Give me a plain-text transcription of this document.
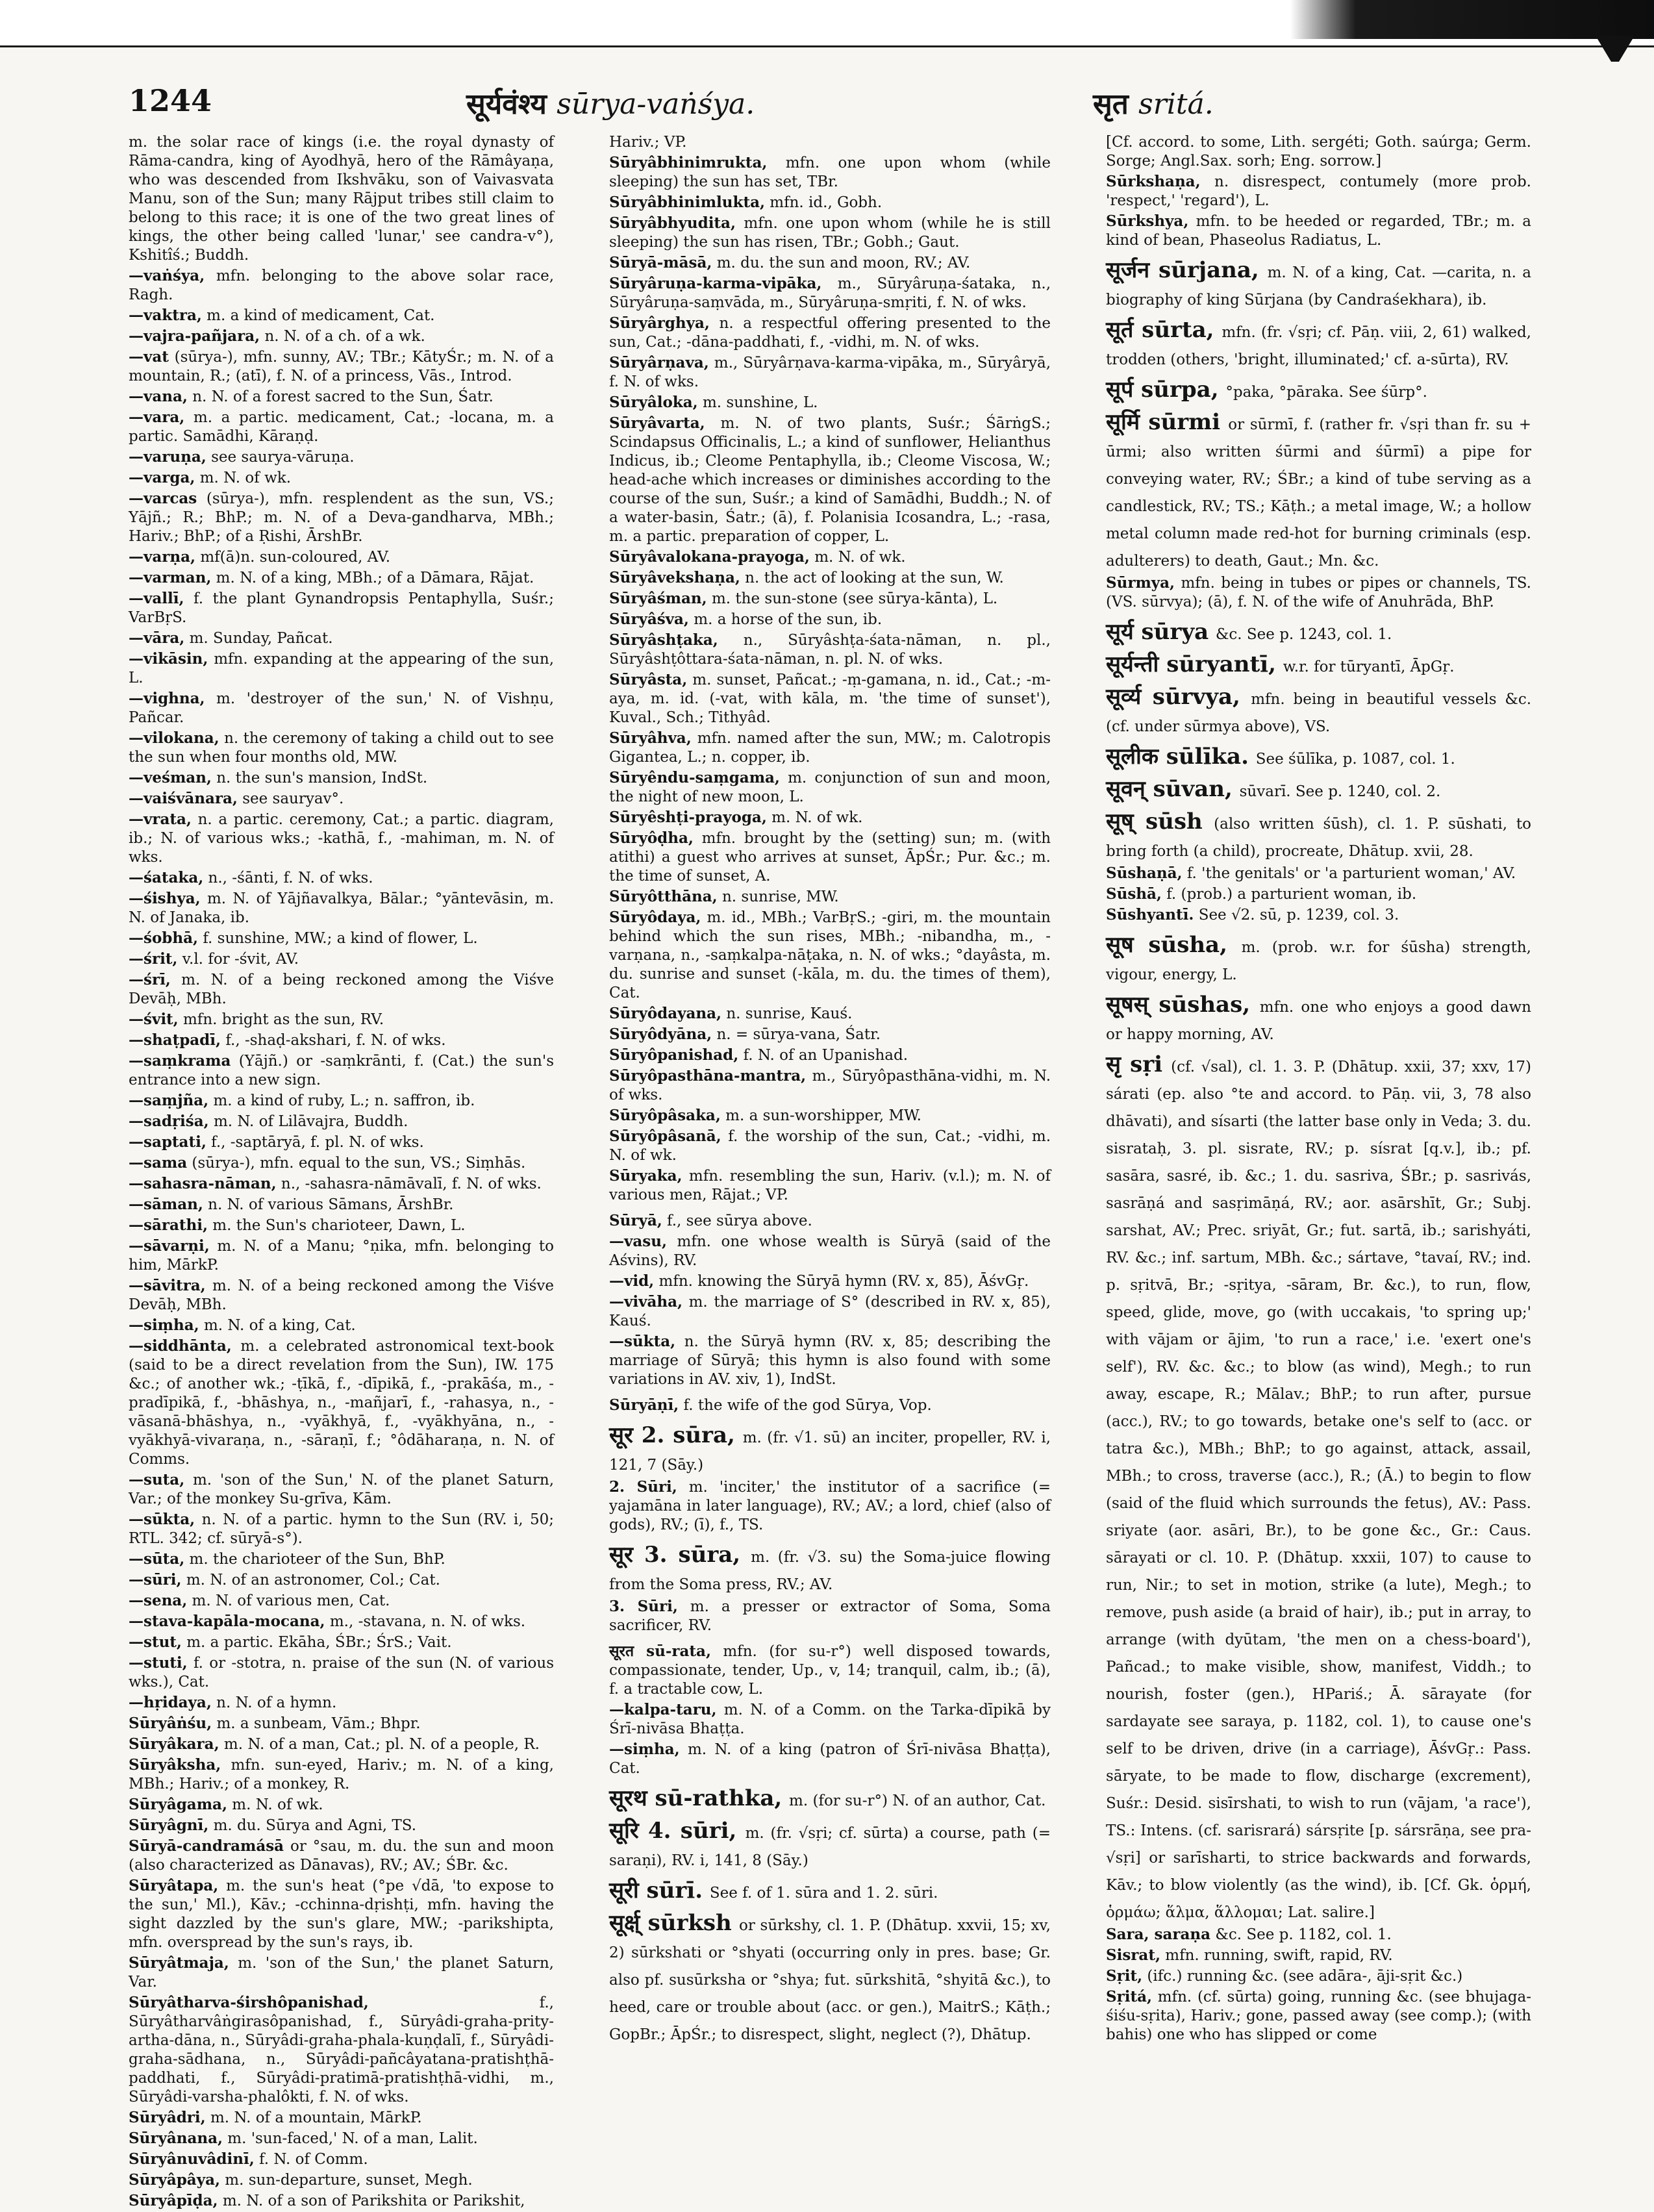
1244	सूर्यवंश्य sūrya-vaṅśya.	सृत sritá.

m. the solar race of kings (i.e. the royal dynasty of Rāma-candra, king of Ayodhyā, hero of the Rāmâyaṇa, who was descended from Ikshvāku, son of Vaivasvata Manu, son of the Sun; many Rājput tribes still claim to belong to this race; it is one of the two great lines of kings, the other being called 'lunar,' see candra-v°), Kshitîś.; Buddh.

—vaṅśya, mfn. belonging to the above solar race, Ragh.

—vaktra, m. a kind of medicament, Cat.

—vajra-pañjara, n. N. of a ch. of a wk.

—vat (sūrya-), mfn. sunny, AV.; TBr.; KātyŚr.; m. N. of a mountain, R.; (atī), f. N. of a princess, Vās., Introd.

—vana, n. N. of a forest sacred to the Sun, Śatr.

—vara, m. a partic. medicament, Cat.; -locana, m. a partic. Samādhi, Kāraṇḍ.

—varuṇa, see saurya-vāruṇa.

—varga, m. N. of wk.

—varcas (sūrya-), mfn. resplendent as the sun, VS.; Yājñ.; R.; BhP.; m. N. of a Deva-gandharva, MBh.; Hariv.; BhP.; of a Ṛishi, ĀrshBr.

—varṇa, mf(ā)n. sun-coloured, AV.

—varman, m. N. of a king, MBh.; of a Dāmara, Rājat.

—vallī, f. the plant Gynandropsis Pentaphylla, Suśr.; VarBṛS.

—vāra, m. Sunday, Pañcat.

—vikāsin, mfn. expanding at the appearing of the sun, L.

—vighna, m. 'destroyer of the sun,' N. of Vishṇu, Pañcar.

—vilokana, n. the ceremony of taking a child out to see the sun when four months old, MW.

—veśman, n. the sun's mansion, IndSt.

—vaiśvānara, see sauryav°.

—vrata, n. a partic. ceremony, Cat.; a partic. diagram, ib.; N. of various wks.; -kathā, f., -mahiman, m. N. of wks.

—śataka, n., -śānti, f. N. of wks.

—śishya, m. N. of Yājñavalkya, Bālar.; °yāntevāsin, m. N. of Janaka, ib.

—śobhā, f. sunshine, MW.; a kind of flower, L.

—śrit, v.l. for -śvit, AV.

—śrī, m. N. of a being reckoned among the Viśve Devāḥ, MBh.

—śvit, mfn. bright as the sun, RV.

—shaṭpadī, f., -shaḍ-akshari, f. N. of wks.

—saṃkrama (Yājñ.) or -saṃkrānti, f. (Cat.) the sun's entrance into a new sign.

—saṃjña, m. a kind of ruby, L.; n. saffron, ib.

—sadṛiśa, m. N. of Lilāvajra, Buddh.

—saptati, f., -saptāryā, f. pl. N. of wks.

—sama (sūrya-), mfn. equal to the sun, VS.; Siṃhās.

—sahasra-nāman, n., -sahasra-nāmāvalī, f. N. of wks.

—sāman, n. N. of various Sāmans, ĀrshBr.

—sārathi, m. the Sun's charioteer, Dawn, L.

—sāvarṇi, m. N. of a Manu; °ṇika, mfn. belonging to him, MārkP.

—sāvitra, m. N. of a being reckoned among the Viśve Devāḥ, MBh.

—siṃha, m. N. of a king, Cat.

—siddhānta, m. a celebrated astronomical text-book (said to be a direct revelation from the Sun), IW. 175 &c.; of another wk.; -ṭīkā, f., -dīpikā, f., -prakāśa, m., -pradīpikā, f., -bhāshya, n., -mañjarī, f., -rahasya, n., -vāsanā-bhāshya, n., -vyākhyā, f., -vyākhyāna, n., -vyākhyā-vivaraṇa, n., -sāraṇī, f.; °ôdāharaṇa, n. N. of Comms.

—suta, m. 'son of the Sun,' N. of the planet Saturn, Var.; of the monkey Su-grīva, Kām.

—sūkta, n. N. of a partic. hymn to the Sun (RV. i, 50; RTL. 342; cf. sūryā-s°).

—sūta, m. the charioteer of the Sun, BhP.

—sūri, m. N. of an astronomer, Col.; Cat.

—sena, m. N. of various men, Cat.

—stava-kapāla-mocana, m., -stavana, n. N. of wks.

—stut, m. a partic. Ekāha, ŚBr.; ŚrS.; Vait.

—stuti, f. or -stotra, n. praise of the sun (N. of various wks.), Cat.

—hṛidaya, n. N. of a hymn.

Sūryâṅśu, m. a sunbeam, Vām.; Bhpr.

Sūryâkara, m. N. of a man, Cat.; pl. N. of a people, R.

Sūryâksha, mfn. sun-eyed, Hariv.; m. N. of a king, MBh.; Hariv.; of a monkey, R.

Sūryâgama, m. N. of wk.

Sūryâgnī, m. du. Sūrya and Agni, TS.

Sūryā-candramásā or °sau, m. du. the sun and moon (also characterized as Dānavas), RV.; AV.; ŚBr. &c.

Sūryâtapa, m. the sun's heat (°pe √dā, 'to expose to the sun,' Ml.), Kāv.; -cchinna-dṛishṭi, mfn. having the sight dazzled by the sun's glare, MW.; -parikshipta, mfn. overspread by the sun's rays, ib.

Sūryâtmaja, m. 'son of the Sun,' the planet Saturn, Var.

Sūryâtharva-śirshôpanishad,	f., Sūryâtharvâṅgirasôpanishad, f., Sūryâdi-graha-prity-artha-dāna, n., Sūryâdi-graha-phala-kuṇḍalī, f., Sūryâdi-graha-sādhana, n., Sūryâdi-pañcâyatana-pratishṭhā-paddhati, f., Sūryâdi-pratimā-pratishṭhā-vidhi, m., Sūryâdi-varsha-phalôkti, f. N. of wks.

Sūryâdri, m. N. of a mountain, MārkP.

Sūryânana, m. 'sun-faced,' N. of a man, Lalit.

Sūryânuvâdinī, f. N. of Comm.

Sūryâpâya, m. sun-departure, sunset, Megh.

Sūryâpīḍa, m. N. of a son of Parikshita or Parikshit,

Hariv.; VP.

Sūryâbhinimrukta, mfn. one upon whom (while sleeping) the sun has set, TBr.

Sūryâbhinimlukta, mfn. id., Gobh.

Sūryâbhyudita, mfn. one upon whom (while he is still sleeping) the sun has risen, TBr.; Gobh.; Gaut.

Sūryā-māsā, m. du. the sun and moon, RV.; AV.

Sūryâruṇa-karma-vipāka, m., Sūryâruṇa-śataka, n., Sūryâruṇa-saṃvāda, m., Sūryâruṇa-smṛiti, f. N. of wks.

Sūryârghya, n. a respectful offering presented to the sun, Cat.; -dāna-paddhati, f., -vidhi, m. N. of wks.

Sūryârṇava, m., Sūryârṇava-karma-vipāka, m., Sūryâryā, f. N. of wks.

Sūryâloka, m. sunshine, L.

Sūryâvarta, m. N. of two plants, Suśr.; ŚārṅgS.; Scindapsus Officinalis, L.; a kind of sunflower, Helianthus Indicus, ib.; Cleome Pentaphylla, ib.; Cleome Viscosa, W.; head-ache which increases or diminishes according to the course of the sun, Suśr.; a kind of Samādhi, Buddh.; N. of a water-basin, Śatr.; (ā), f. Polanisia Icosandra, L.; -rasa, m. a partic. preparation of copper, L.

Sūryâvalokana-prayoga, m. N. of wk.

Sūryâvekshaṇa, n. the act of looking at the sun, W.

Sūryâśman, m. the sun-stone (see sūrya-kānta), L.

Sūryâśva, m. a horse of the sun, ib.

Sūryâshṭaka, n., Sūryâshṭa-śata-nāman, n. pl., Sūryâshṭôttara-śata-nāman, n. pl. N. of wks.

Sūryâsta, m. sunset, Pañcat.; -ṃ-gamana, n. id., Cat.; -m-aya, m. id. (-vat, with kāla, m. 'the time of sunset'), Kuval., Sch.; Tithyâd.

Sūryâhva, mfn. named after the sun, MW.; m. Calotropis Gigantea, L.; n. copper, ib.

Sūryêndu-saṃgama, m. conjunction of sun and moon, the night of new moon, L.

Sūryêshṭi-prayoga, m. N. of wk.

Sūryôḍha, mfn. brought by the (setting) sun; m. (with atithi) a guest who arrives at sunset, ĀpŚr.; Pur. &c.; m. the time of sunset, A.

Sūryôtthāna, n. sunrise, MW.

Sūryôdaya, m. id., MBh.; VarBṛS.; -giri, m. the mountain behind which the sun rises, MBh.; -nibandha, m., -varṇana, n., -saṃkalpa-nāṭaka, n. N. of wks.; °dayâsta, m. du. sunrise and sunset (-kāla, m. du. the times of them), Cat.

Sūryôdayana, n. sunrise, Kauś.

Sūryôdyāna, n. = sūrya-vana, Śatr.

Sūryôpanishad, f. N. of an Upanishad.

Sūryôpasthāna-mantra, m., Sūryôpasthāna-vidhi, m. N. of wks.

Sūryôpâsaka, m. a sun-worshipper, MW.

Sūryôpâsanā, f. the worship of the sun, Cat.; -vidhi, m. N. of wk.

Sūryaka, mfn. resembling the sun, Hariv. (v.l.); m. N. of various men, Rājat.; VP.

Sūryā, f., see sūrya above.

—vasu, mfn. one whose wealth is Sūryā (said of the Aśvins), RV.

—vid, mfn. knowing the Sūryā hymn (RV. x, 85), ĀśvGṛ.

—vivāha, m. the marriage of S° (described in RV. x, 85), Kauś.

—sūkta, n. the Sūryā hymn (RV. x, 85; describing the marriage of Sūryā; this hymn is also found with some variations in AV. xiv, 1), IndSt.

Sūryāṇī, f. the wife of the god Sūrya, Vop.

सूर 2. sūra, m. (fr. √1. sū) an inciter, propeller, RV. i, 121, 7 (Sāy.)

2. Sūri, m. 'inciter,' the institutor of a sacrifice (= yajamāna in later language), RV.; AV.; a lord, chief (also of gods), RV.; (ī), f., TS.

सूर 3. sūra, m. (fr. √3. su) the Soma-juice flowing from the Soma press, RV.; AV.

3. Sūri, m. a presser or extractor of Soma, Soma sacrificer, RV.

सूरत sū-rata, mfn. (for su-r°) well disposed towards, compassionate, tender, Up., v, 14; tranquil, calm, ib.; (ā), f. a tractable cow, L.

—kalpa-taru, m. N. of a Comm. on the Tarka-dīpikā by Śrī-nivāsa Bhaṭṭa.

—siṃha, m. N. of a king (patron of Śrī-nivāsa Bhaṭṭa), Cat.

सूरथ sū-rathka, m. (for su-r°) N. of an author, Cat.

सूरि 4. sūri, m. (fr. √sṛi; cf. sūrta) a course, path (= saraṇi), RV. i, 141, 8 (Sāy.)

सूरी sūrī. See f. of 1. sūra and 1. 2. sūri.

सूर्क्ष् sūrksh or sūrkshy, cl. 1. P. (Dhātup. xxvii, 15; xv, 2) sūrkshati or °shyati (occurring only in pres. base; Gr. also pf. susūrksha or °shya; fut. sūrkshitā, °shyitā &c.), to heed, care or trouble about (acc. or gen.), MaitrS.; Kāṭh.; GopBr.; ĀpŚr.; to disrespect, slight, neglect (?), Dhātup.

[Cf. accord. to some, Lith. sergéti; Goth. saúrga; Germ. Sorge; Angl.Sax. sorh; Eng. sorrow.]

Sūrkshaṇa, n. disrespect, contumely (more prob. 'respect,' 'regard'), L.

Sūrkshya, mfn. to be heeded or regarded, TBr.; m. a kind of bean, Phaseolus Radiatus, L.

सूर्जन sūrjana, m. N. of a king, Cat. —carita, n. a biography of king Sūrjana (by Candraśekhara), ib.

सूर्त sūrta, mfn. (fr. √sṛi; cf. Pāṇ. viii, 2, 61) walked, trodden (others, 'bright, illuminated;' cf. a-sūrta), RV.

सूर्प sūrpa, °paka, °pāraka. See śūrp°.

सूर्मि sūrmi or sūrmī, f. (rather fr. √sṛi than fr. su + ūrmi; also written śūrmi and śūrmī) a pipe for conveying water, RV.; ŚBr.; a kind of tube serving as a candlestick, RV.; TS.; Kāṭh.; a metal image, W.; a hollow metal column made red-hot for burning criminals (esp. adulterers) to death, Gaut.; Mn. &c.

Sūrmya, mfn. being in tubes or pipes or channels, TS. (VS. sūrvya); (ā), f. N. of the wife of Anuhrāda, BhP.

सूर्य sūrya &c. See p. 1243, col. 1.

सूर्यन्ती sūryantī, w.r. for tūryantī, ĀpGṛ.

सूर्व्य sūrvya, mfn. being in beautiful vessels &c. (cf. under sūrmya above), VS.

सूलीक sūlīka. See śūlīka, p. 1087, col. 1.

सूवन् sūvan, sūvarī. See p. 1240, col. 2.

सूष् sūsh (also written śūsh), cl. 1. P. sūshati, to bring forth (a child), procreate, Dhātup. xvii, 28.

Sūshaṇā, f. 'the genitals' or 'a parturient woman,' AV.

Sūshā, f. (prob.) a parturient woman, ib.

Sūshyantī. See √2. sū, p. 1239, col. 3.

सूष sūsha, m. (prob. w.r. for śūsha) strength, vigour, energy, L.

सूषस् sūshas, mfn. one who enjoys a good dawn or happy morning, AV.

सृ sṛi (cf. √sal), cl. 1. 3. P. (Dhātup. xxii, 37; xxv, 17) sárati (ep. also °te and accord. to Pāṇ. vii, 3, 78 also dhāvati), and sísarti (the latter base only in Veda; 3. du. sisrataḥ, 3. pl. sisrate, RV.; p. sísrat [q.v.], ib.; pf. sasāra, sasré, ib. &c.; 1. du. sasriva, ŚBr.; p. sasrivás, sasrāṇá and sasṛimāṇá, RV.; aor. asārshīt, Gr.; Subj. sarshat, AV.; Prec. sriyāt, Gr.; fut. sartā, ib.; sarishyáti, RV. &c.; inf. sartum, MBh. &c.; sártave, °tavaí, RV.; ind. p. sṛitvā, Br.; -sṛitya, -sāram, Br. &c.), to run, flow, speed, glide, move, go (with uccakais, 'to spring up;' with vājam or ājim, 'to run a race,' i.e. 'exert one's self'), RV. &c. &c.; to blow (as wind), Megh.; to run away, escape, R.; Mālav.; BhP.; to run after, pursue (acc.), RV.; to go towards, betake one's self to (acc. or tatra &c.), MBh.; BhP.; to go against, attack, assail, MBh.; to cross, traverse (acc.), R.; (Ā.) to begin to flow (said of the fluid which surrounds the fetus), AV.: Pass. sriyate (aor. asāri, Br.), to be gone &c., Gr.: Caus. sārayati or cl. 10. P. (Dhātup. xxxii, 107) to cause to run, Nir.; to set in motion, strike (a lute), Megh.; to remove, push aside (a braid of hair), ib.; put in array, to arrange (with dyūtam, 'the men on a chess-board'), Pañcad.; to make visible, show, manifest, Viddh.; to nourish, foster (gen.), HPariś.; Ā. sārayate (for sardayate see saraya, p. 1182, col. 1), to cause one's self to be driven, drive (in a carriage), ĀśvGṛ.: Pass. sāryate, to be made to flow, discharge (excrement), Suśr.: Desid. sisīrshati, to wish to run (vājam, 'a race'), TS.: Intens. (cf. sarisrará) sársṛite [p. sársrāṇa, see pra-√sṛi] or sarīsharti, to strice backwards and forwards, Kāv.; to blow violently (as the wind), ib. [Cf. Gk. ὁρμή, ὁρμάω; ἅλμα, ἅλλομαι; Lat. salire.]

Sara, saraṇa &c. See p. 1182, col. 1.

Sisrat, mfn. running, swift, rapid, RV.

Sṛit, (ifc.) running &c. (see adāra-, āji-sṛit &c.)

Sṛitá, mfn. (cf. sūrta) going, running &c. (see bhujaga-śiśu-sṛita), Hariv.; gone, passed away (see comp.); (with bahis) one who has slipped or come
